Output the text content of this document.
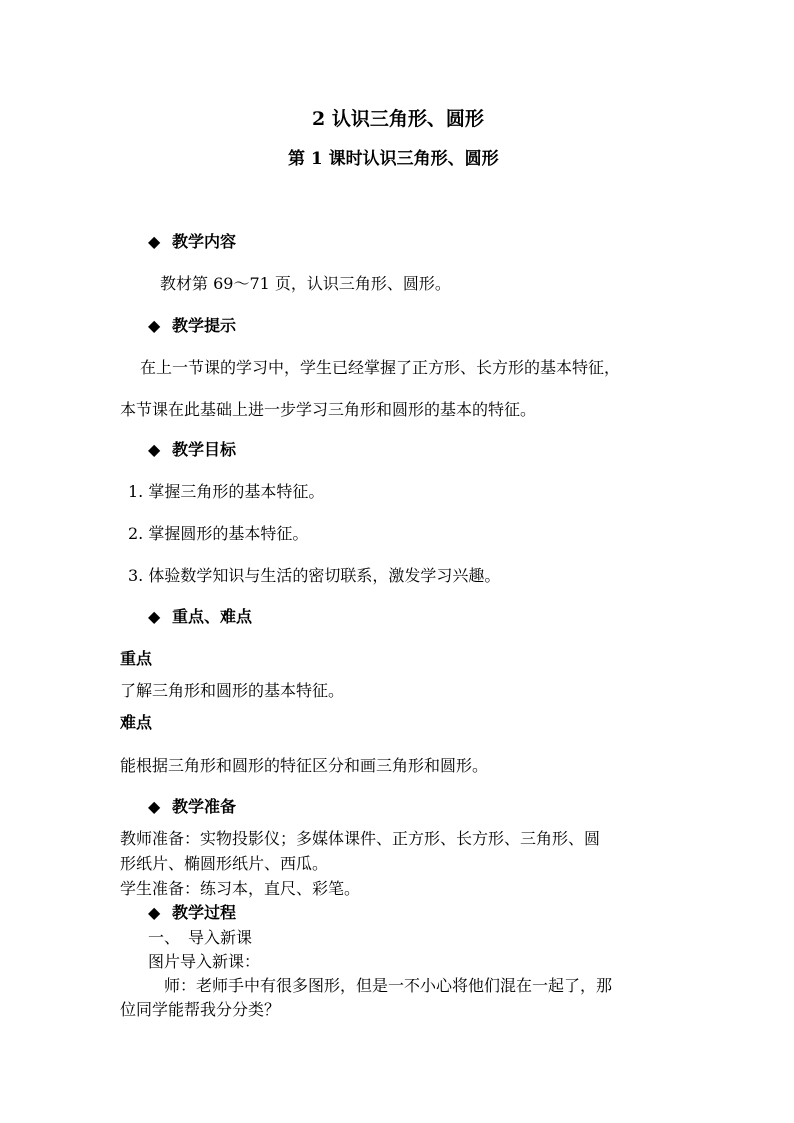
2 认识三角形、圆形
第 1 课时认识三角形、圆形
◆ 教学内容
教材第 69～71 页，认识三角形、圆形。
◆ 教学提示
在上一节课的学习中，学生已经掌握了正方形、长方形的基本特征，
本节课在此基础上进一步学习三角形和圆形的基本的特征。
◆ 教学目标
1. 掌握三角形的基本特征。
2. 掌握圆形的基本特征。
3. 体验数学知识与生活的密切联系，激发学习兴趣。
◆ 重点、难点
重点
了解三角形和圆形的基本特征。
难点
能根据三角形和圆形的特征区分和画三角形和圆形。
◆ 教学准备
教师准备：实物投影仪；多媒体课件、正方形、长方形、三角形、圆
形纸片、椭圆形纸片、西瓜。
学生准备：练习本，直尺、彩笔。
◆ 教学过程
一、　导入新课
图片导入新课：
师：老师手中有很多图形，但是一不小心将他们混在一起了，那
位同学能帮我分分类？
